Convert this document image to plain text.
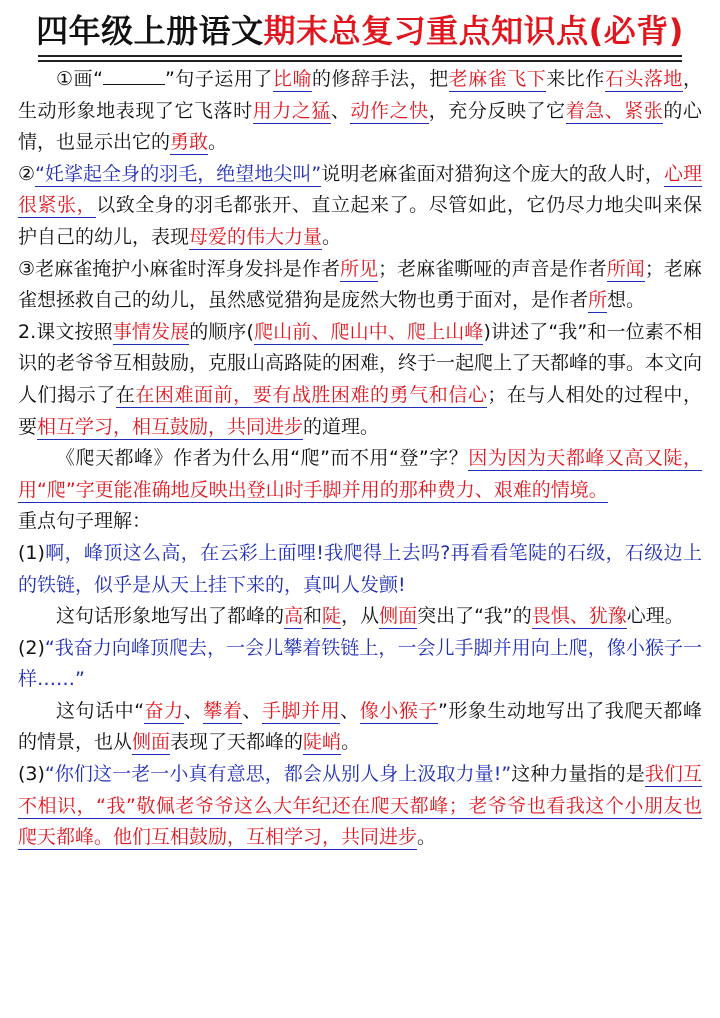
四年级上册语文期末总复习重点知识点(必背)

①画“	”句子运用了比喻的修辞手法，把老麻雀飞下来比作石头落地，生动形象地表现了它飞落时用力之猛、动作之快，充分反映了它着急、紧张的心情，也显示出它的勇敢。

②“奼挲起全身的羽毛，绝望地尖叫”说明老麻雀面对猎狗这个庞大的敌人时，心理很紧张，以致全身的羽毛都张开、直立起来了。尽管如此，它仍尽力地尖叫来保护自己的幼儿，表现母爱的伟大力量。

③老麻雀掩护小麻雀时浑身发抖是作者所见；老麻雀嘶哑的声音是作者所闻；老麻雀想拯救自己的幼儿，虽然感觉猎狗是庞然大物也勇于面对，是作者所想。

2.课文按照事情发展的顺序(爬山前、爬山中、爬上山峰)讲述了“我”和一位素不相识的老爷爷互相鼓励，克服山高路陡的困难，终于一起爬上了天都峰的事。本文向人们揭示了在在困难面前，要有战胜困难的勇气和信心；在与人相处的过程中，要相互学习，相互鼓励，共同进步的道理。

《爬天都峰》作者为什么用“爬”而不用“登”字？因为因为天都峰又高又陡，用“爬”字更能准确地反映出登山时手脚并用的那种费力、艰难的情境。

重点句子理解：

(1)啊，峰顶这么高，在云彩上面哩!我爬得上去吗?再看看笔陡的石级，石级边上的铁链，似乎是从天上挂下来的，真叫人发颤!

这句话形象地写出了都峰的高和陡，从侧面突出了“我”的畏惧、犹豫心理。

(2)“我奋力向峰顶爬去，一会儿攀着铁链上，一会儿手脚并用向上爬，像小猴子一样……”

这句话中“奋力、攀着、手脚并用、像小猴子”形象生动地写出了我爬天都峰的情景，也从侧面表现了天都峰的陡峭。

(3)“你们这一老一小真有意思，都会从别人身上汲取力量!”这种力量指的是我们互不相识，“我”敬佩老爷爷这么大年纪还在爬天都峰；老爷爷也看我这个小朋友也爬天都峰。他们互相鼓励，互相学习，共同进步。
